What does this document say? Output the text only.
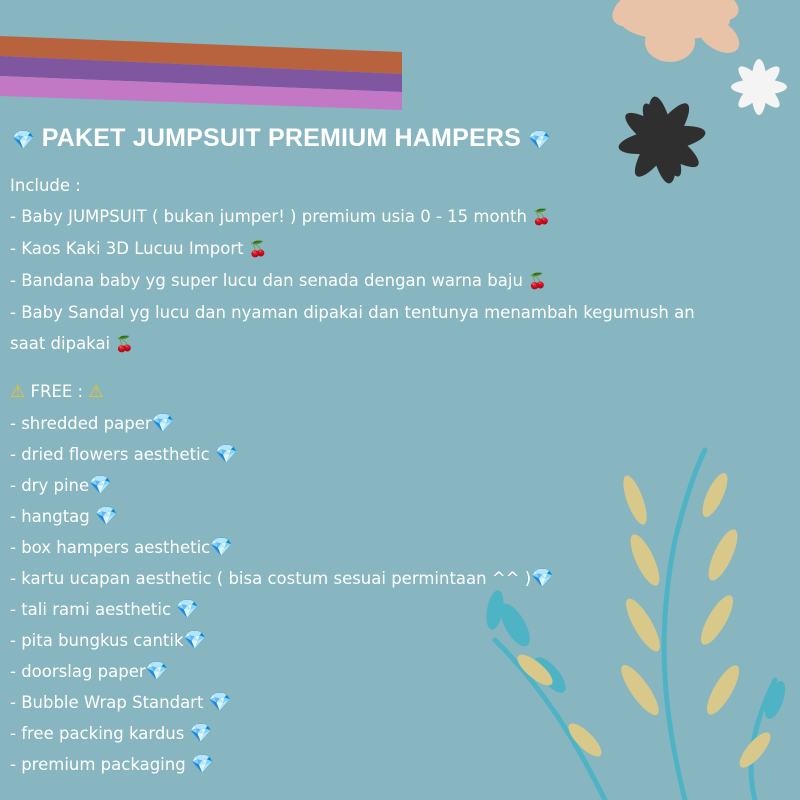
💎 PAKET JUMPSUIT PREMIUM HAMPERS 💎
Include :
- Baby JUMPSUIT ( bukan jumper! ) premium usia 0 - 15 month 🍒
- Kaos Kaki 3D Lucuu Import 🍒
- Bandana baby yg super lucu dan senada dengan warna baju 🍒
- Baby Sandal yg lucu dan nyaman dipakai dan tentunya menambah kegumush an
saat dipakai 🍒
⚠ FREE : ⚠
- shredded paper💎
- dried flowers aesthetic 💎
- dry pine💎
- hangtag 💎
- box hampers aesthetic💎
- kartu ucapan aesthetic ( bisa costum sesuai permintaan ^^ )💎
- tali rami aesthetic 💎
- pita bungkus cantik💎
- doorslag paper💎
- Bubble Wrap Standart 💎
- free packing kardus 💎
- premium packaging 💎
